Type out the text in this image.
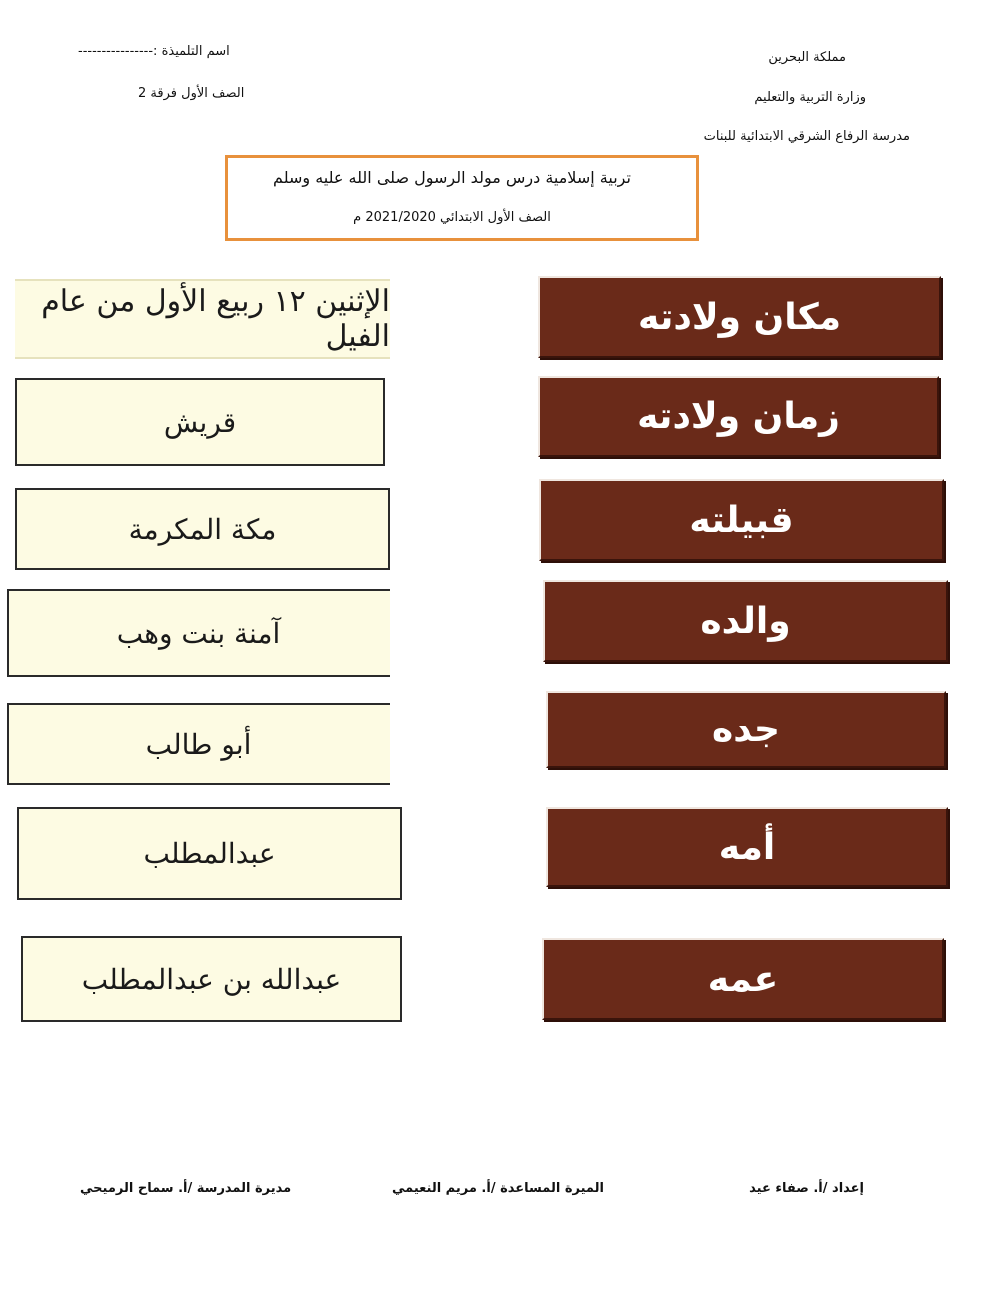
مملكة البحرين
وزارة التربية والتعليم
مدرسة الرفاع الشرقي الابتدائية للبنات
اسم التلميذة :----------------
الصف الأول فرقة 2
تربية إسلامية درس مولد الرسول صلى الله عليه وسلم
الصف الأول الابتدائي 2021/2020 م
الإثنين ١٢ ربيع الأول من عام الفيل
قريش
مكة المكرمة
آمنة بنت وهب
أبو طالب
عبدالمطلب
عبدالله بن عبدالمطلب
مكان ولادته
زمان ولادته
قبيلته
والده
جده
أمه
عمه
إعداد /أ. صفاء عيد
الميرة المساعدة /أ. مريم النعيمي
مديرة المدرسة /أ. سماح الرميحي
